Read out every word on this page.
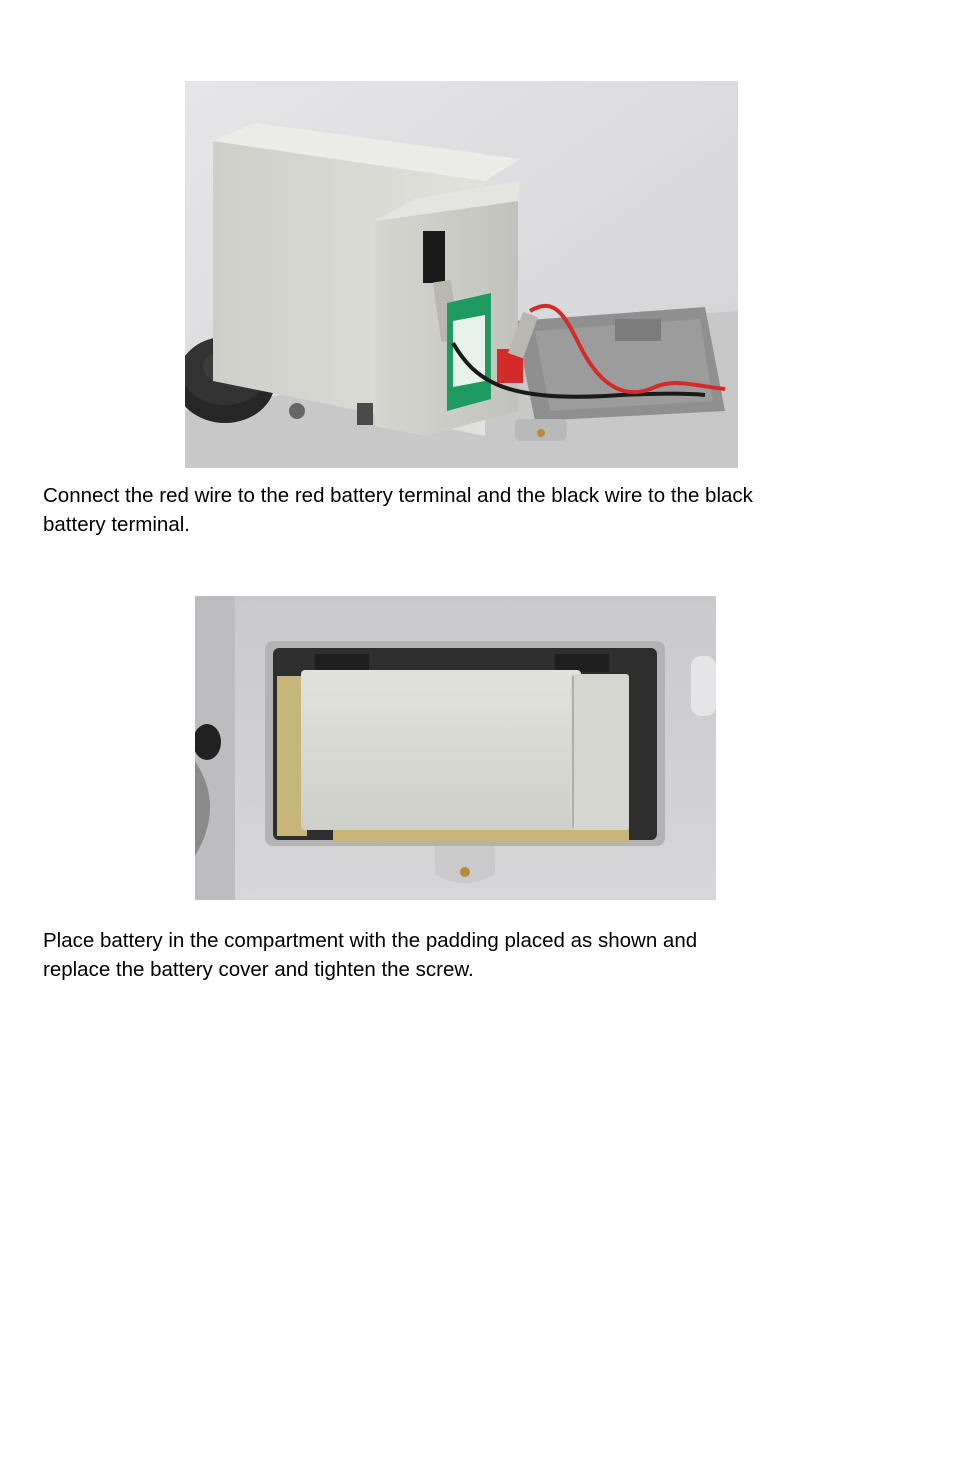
Connect the red wire to the red battery terminal and the black wire to the black
battery terminal.

Place battery in the compartment with the padding placed as shown and
replace the battery cover and tighten the screw.
